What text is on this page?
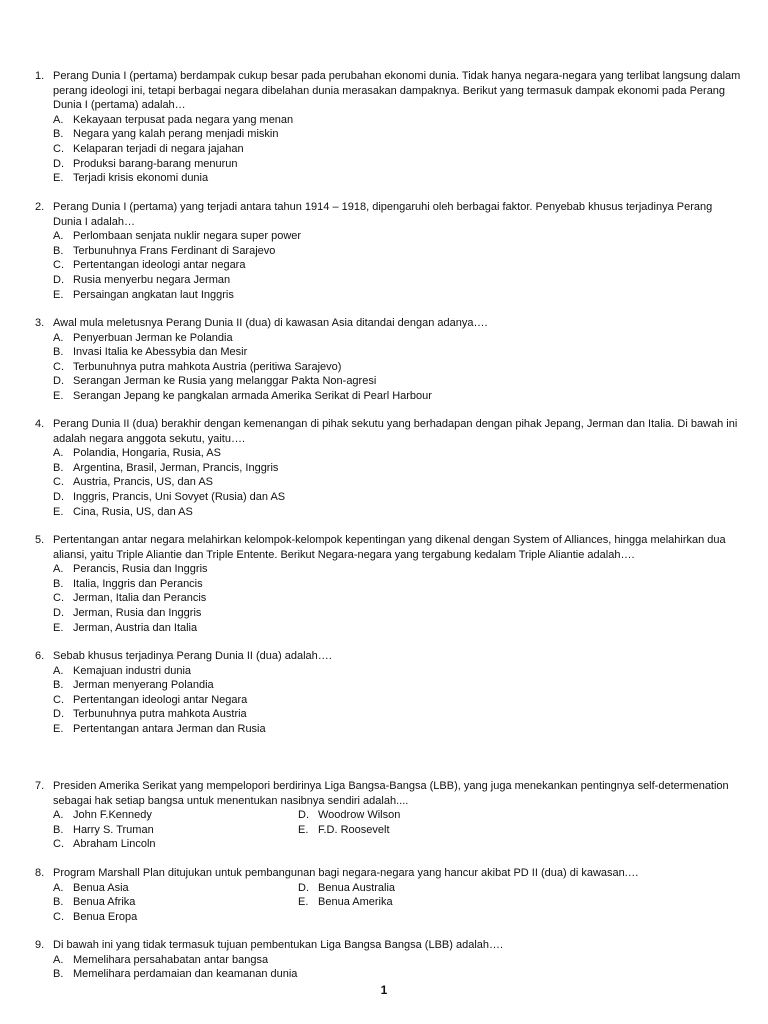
1. Perang Dunia I (pertama) berdampak cukup besar pada perubahan ekonomi dunia. Tidak hanya negara-negara yang terlibat langsung dalam perang ideologi ini, tetapi berbagai negara dibelahan dunia merasakan dampaknya. Berikut yang termasuk dampak ekonomi pada Perang Dunia I (pertama) adalah…
A. Kekayaan terpusat pada negara yang menan
B. Negara yang kalah perang menjadi miskin
C. Kelaparan terjadi di negara jajahan
D. Produksi barang-barang menurun
E. Terjadi krisis ekonomi dunia
2. Perang Dunia I (pertama) yang terjadi antara tahun 1914 – 1918, dipengaruhi oleh berbagai faktor. Penyebab khusus terjadinya Perang Dunia I adalah…
A. Perlombaan senjata nuklir negara super power
B. Terbunuhnya Frans Ferdinant di Sarajevo
C. Pertentangan ideologi antar negara
D. Rusia menyerbu negara Jerman
E. Persaingan angkatan laut Inggris
3. Awal mula meletusnya Perang Dunia II (dua) di kawasan Asia ditandai dengan adanya….
A. Penyerbuan Jerman ke Polandia
B. Invasi Italia ke Abessybia dan Mesir
C. Terbunuhnya putra mahkota Austria (peritiwa Sarajevo)
D. Serangan Jerman ke Rusia yang melanggar Pakta Non-agresi
E. Serangan Jepang ke pangkalan armada Amerika Serikat di Pearl Harbour
4. Perang Dunia II (dua) berakhir dengan kemenangan di pihak sekutu yang berhadapan dengan pihak Jepang, Jerman dan Italia. Di bawah ini adalah negara anggota sekutu, yaitu….
A. Polandia, Hongaria, Rusia, AS
B. Argentina, Brasil, Jerman, Prancis, Inggris
C. Austria, Prancis, US, dan AS
D. Inggris, Prancis, Uni Sovyet (Rusia) dan AS
E. Cina, Rusia, US, dan AS
5. Pertentangan antar negara melahirkan kelompok-kelompok kepentingan yang dikenal dengan System of Alliances, hingga melahirkan dua aliansi, yaitu Triple Aliantie dan Triple Entente. Berikut Negara-negara yang tergabung kedalam Triple Aliantie adalah….
A. Perancis, Rusia dan Inggris
B. Italia, Inggris dan Perancis
C. Jerman, Italia dan Perancis
D. Jerman, Rusia dan Inggris
E. Jerman, Austria dan Italia
6. Sebab khusus terjadinya Perang Dunia II (dua) adalah….
A. Kemajuan industri dunia
B. Jerman menyerang Polandia
C. Pertentangan ideologi antar Negara
D. Terbunuhnya putra mahkota Austria
E. Pertentangan antara Jerman dan Rusia
7. Presiden Amerika Serikat yang mempelopori berdirinya Liga Bangsa-Bangsa (LBB), yang juga menekankan pentingnya self-determenation sebagai hak setiap bangsa untuk menentukan nasibnya sendiri adalah....
A. John F.Kennedy	D. Woodrow Wilson
B. Harry S. Truman	E. F.D. Roosevelt
C. Abraham Lincoln
8. Program Marshall Plan ditujukan untuk pembangunan bagi negara-negara yang hancur akibat PD II (dua) di kawasan.…
A. Benua Asia	D. Benua Australia
B. Benua Afrika	E. Benua Amerika
C. Benua Eropa
9. Di bawah ini yang tidak termasuk tujuan pembentukan Liga Bangsa Bangsa (LBB) adalah….
A. Memelihara persahabatan antar bangsa
B. Memelihara perdamaian dan keamanan dunia
1
